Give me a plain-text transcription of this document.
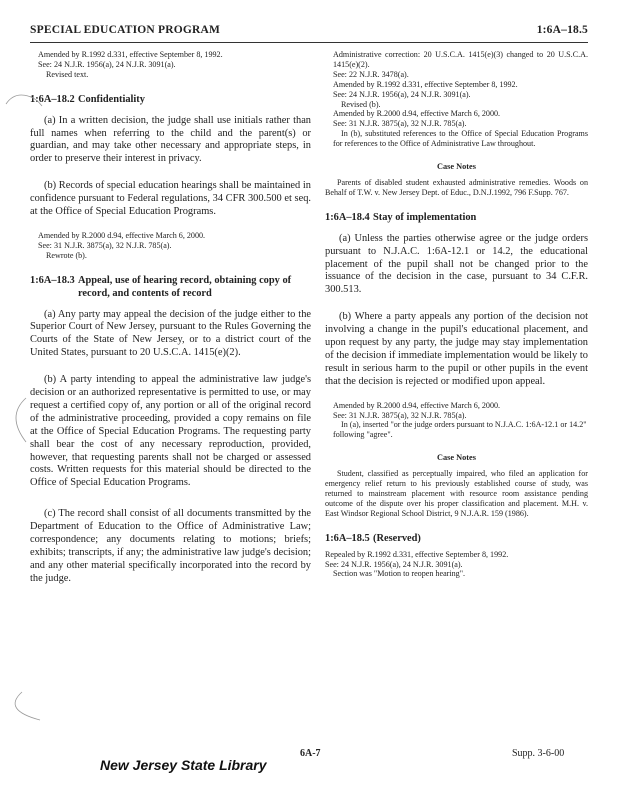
SPECIAL EDUCATION PROGRAM	1:6A–18.5
Amended by R.1992 d.331, effective September 8, 1992.
See: 24 N.J.R. 1956(a), 24 N.J.R. 3091(a).
Revised text.
1:6A–18.2 Confidentiality

(a) In a written decision, the judge shall use initials rather than full names when referring to the child and the parent(s) or guardian, and may take other necessary and appropriate steps, in order to preserve their interest in privacy.

(b) Records of special education hearings shall be maintained in confidence pursuant to Federal regulations, 34 CFR 300.500 et seq. at the Office of Special Education Programs.

Amended by R.2000 d.94, effective March 6, 2000.
See: 31 N.J.R. 3875(a), 32 N.J.R. 785(a).
Rewrote (b).
1:6A–18.3 Appeal, use of hearing record, obtaining copy of
record, and contents of record

(a) Any party may appeal the decision of the judge either to the Superior Court of New Jersey, pursuant to the Rules Governing the Courts of the State of New Jersey, or to a district court of the United States, pursuant to 20 U.S.C.A. 1415(e)(2).

(b) A party intending to appeal the administrative law judge's decision or an authorized representative is permitted to use, or may request a certified copy of, any portion or all of the original record of the administrative proceeding, provided a copy remains on file at the Office of Special Education Programs. The requesting party shall bear the cost of any necessary reproduction, provided, however, that requesting parents shall not be charged or assessed costs. Written requests for this material should be directed to the Office of Special Education Programs.

(c) The record shall consist of all documents transmitted by the Department of Education to the Office of Administrative Law; correspondence; any documents relating to motions; briefs; exhibits; transcripts, if any; the administrative law judge's decision; and any other material specifically incorporated into the record by the judge.

Administrative correction: 20 U.S.C.A. 1415(e)(3) changed to 20 U.S.C.A. 1415(e)(2).
See: 22 N.J.R. 3478(a).
Amended by R.1992 d.331, effective September 8, 1992.
See: 24 N.J.R. 1956(a), 24 N.J.R. 3091(a).
Revised (b).
Amended by R.2000 d.94, effective March 6, 2000.
See: 31 N.J.R. 3875(a), 32 N.J.R. 785(a).
In (b), substituted references to the Office of Special Education Programs for references to the Office of Administrative Law throughout.

Case Notes

Parents of disabled student exhausted administrative remedies. Woods on Behalf of T.W. v. New Jersey Dept. of Educ., D.N.J.1992, 796 F.Supp. 767.

1:6A–18.4 Stay of implementation

(a) Unless the parties otherwise agree or the judge orders pursuant to N.J.A.C. 1:6A-12.1 or 14.2, the educational placement of the pupil shall not be changed prior to the issuance of the decision in the case, pursuant to 34 C.F.R. 300.513.

(b) Where a party appeals any portion of the decision not involving a change in the pupil's educational placement, and upon request by any party, the judge may stay implementation of the decision if immediate implementation would be likely to result in serious harm to the pupil or other pupils in the event that the decision is rejected or modified upon appeal.

Amended by R.2000 d.94, effective March 6, 2000.
See: 31 N.J.R. 3875(a), 32 N.J.R. 785(a).
In (a), inserted "or the judge orders pursuant to N.J.A.C. 1:6A-12.1 or 14.2" following "agree".

Case Notes

Student, classified as perceptually impaired, who filed an application for emergency relief return to his previously established course of study, was returned to mainstream placement with resource room assistance pending outcome of the dispute over his proper classification and placement. M.H. v. East Windsor Regional School District, 9 N.J.A.R. 159 (1986).

1:6A–18.5 (Reserved)
Repealed by R.1992 d.331, effective September 8, 1992.
See: 24 N.J.R. 1956(a), 24 N.J.R. 3091(a).
Section was "Motion to reopen hearing".
6A-7	Supp. 3-6-00
New Jersey State Library
